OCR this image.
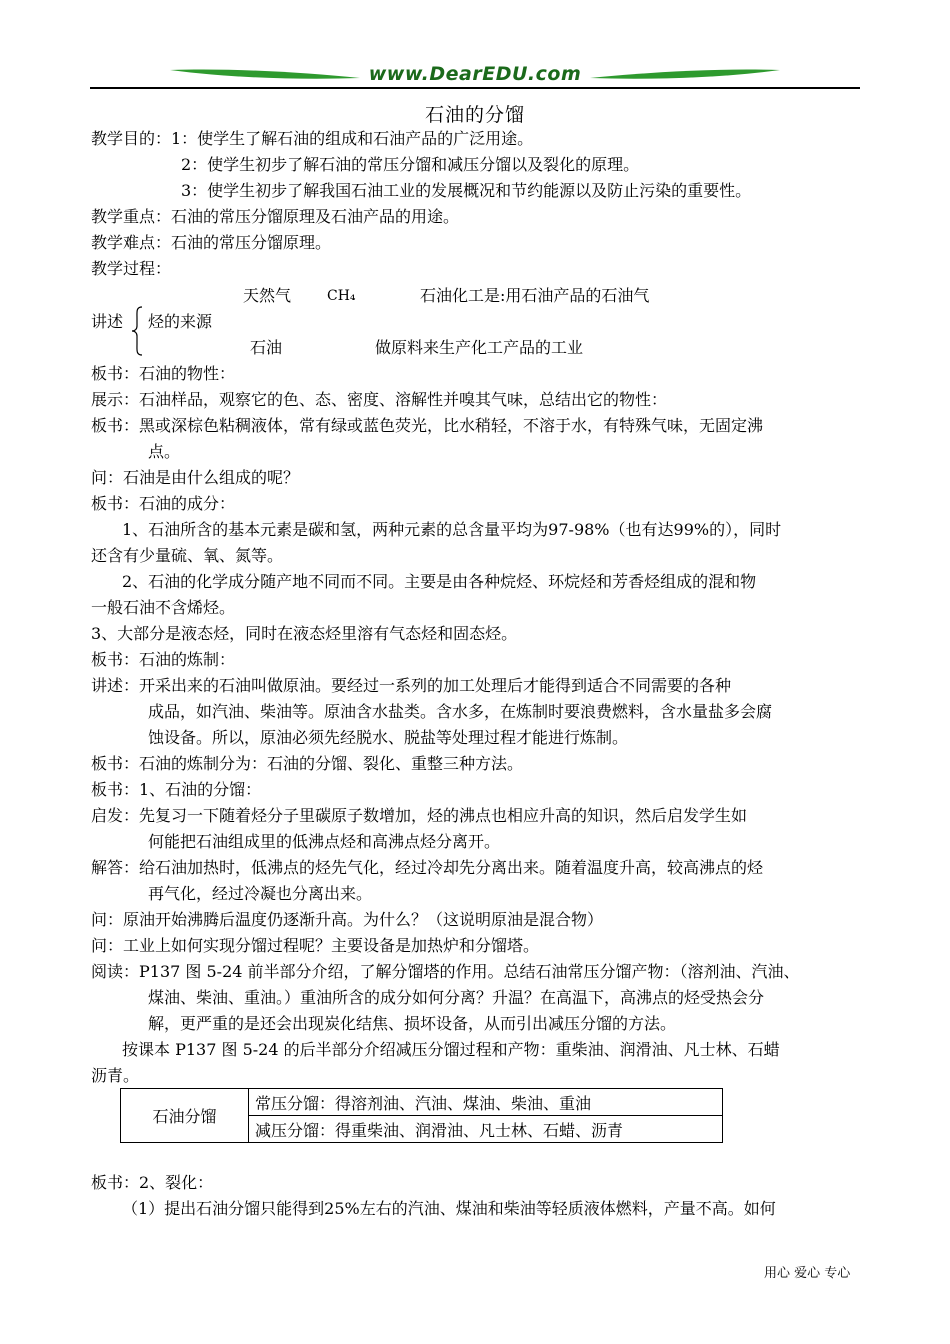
www.DearEDU.com
石油的分馏
教学目的：1：使学生了解石油的组成和石油产品的广泛用途。
2：使学生初步了解石油的常压分馏和减压分馏以及裂化的原理。
3：使学生初步了解我国石油工业的发展概况和节约能源以及防止污染的重要性。
教学重点：石油的常压分馏原理及石油产品的用途。
教学难点：石油的常压分馏原理。
教学过程：
天然气	CH₄	石油化工是:用石油产品的石油气
讲述 烃的来源
石油	做原料来生产化工产品的工业
板书：石油的物性：
展示：石油样品，观察它的色、态、密度、溶解性并嗅其气味，总结出它的物性：
板书：黑或深棕色粘稠液体，常有绿或蓝色荧光，比水稍轻，不溶于水，有特殊气味，无固定沸
点。
问：石油是由什么组成的呢？
板书：石油的成分：
1、石油所含的基本元素是碳和氢，两种元素的总含量平均为97-98%（也有达99%的），同时
还含有少量硫、氧、氮等。
2、石油的化学成分随产地不同而不同。主要是由各种烷烃、环烷烃和芳香烃组成的混和物
一般石油不含烯烃。
3、大部分是液态烃，同时在液态烃里溶有气态烃和固态烃。
板书：石油的炼制：
讲述：开采出来的石油叫做原油。要经过一系列的加工处理后才能得到适合不同需要的各种
成品，如汽油、柴油等。原油含水盐类。含水多，在炼制时要浪费燃料，含水量盐多会腐
蚀设备。所以，原油必须先经脱水、脱盐等处理过程才能进行炼制。
板书：石油的炼制分为：石油的分馏、裂化、重整三种方法。
板书：1、石油的分馏：
启发：先复习一下随着烃分子里碳原子数增加，烃的沸点也相应升高的知识，然后启发学生如
何能把石油组成里的低沸点烃和高沸点烃分离开。
解答：给石油加热时，低沸点的烃先气化，经过冷却先分离出来。随着温度升高，较高沸点的烃
再气化，经过冷凝也分离出来。
问：原油开始沸腾后温度仍逐渐升高。为什么？（这说明原油是混合物）
问：工业上如何实现分馏过程呢？主要设备是加热炉和分馏塔。
阅读：P137 图 5-24 前半部分介绍，了解分馏塔的作用。总结石油常压分馏产物：（溶剂油、汽油、
煤油、柴油、重油。）重油所含的成分如何分离？升温？在高温下，高沸点的烃受热会分
解，更严重的是还会出现炭化结焦、损坏设备，从而引出减压分馏的方法。
按课本 P137 图 5-24 的后半部分介绍减压分馏过程和产物：重柴油、润滑油、凡士林、石蜡
沥青。
石油分馏	常压分馏：得溶剂油、汽油、煤油、柴油、重油
减压分馏：得重柴油、润滑油、凡士林、石蜡、沥青
板书：2、裂化：
（1）提出石油分馏只能得到25%左右的汽油、煤油和柴油等轻质液体燃料，产量不高。如何
用心 爱心 专心
